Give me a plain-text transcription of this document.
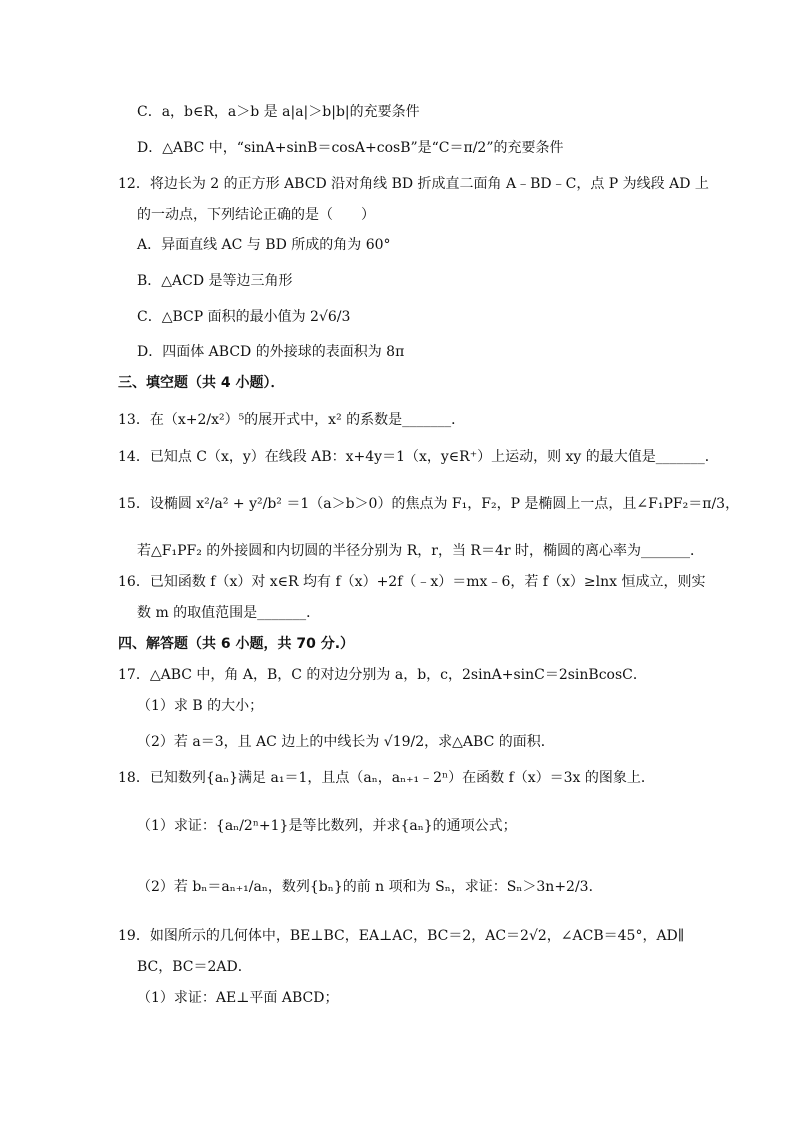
C．a，b∈R，a＞b 是 a|a|＞b|b|的充要条件
D．△ABC 中，“sinA+sinB＝cosA+cosB”是“C＝π/2”的充要条件
12．将边长为 2 的正方形 ABCD 沿对角线 BD 折成直二面角 A﹣BD﹣C，点 P 为线段 AD 上
的一动点，下列结论正确的是（　　）
A．异面直线 AC 与 BD 所成的角为 60°
B．△ACD 是等边三角形
C．△BCP 面积的最小值为 2√6/3
D．四面体 ABCD 的外接球的表面积为 8π
三、填空题（共 4 小题）．
13．在（x+2/x²）⁵的展开式中，x² 的系数是_______．
14．已知点 C（x，y）在线段 AB：x+4y＝1（x，y∈R⁺）上运动，则 xy 的最大值是_______．
15．设椭圆 x²/a² + y²/b² ＝1（a＞b＞0）的焦点为 F₁，F₂，P 是椭圆上一点，且∠F₁PF₂＝π/3，
若△F₁PF₂ 的外接圆和内切圆的半径分别为 R，r，当 R＝4r 时，椭圆的离心率为_______．
16．已知函数 f（x）对 x∈R 均有 f（x）+2f（﹣x）＝mx﹣6，若 f（x）≥lnx 恒成立，则实
数 m 的取值范围是_______．
四、解答题（共 6 小题，共 70 分.）
17．△ABC 中，角 A，B，C 的对边分别为 a，b，c，2sinA+sinC＝2sinBcosC．
（1）求 B 的大小；
（2）若 a＝3，且 AC 边上的中线长为 √19/2，求△ABC 的面积．
18．已知数列{aₙ}满足 a₁＝1，且点（aₙ，aₙ₊₁﹣2ⁿ）在函数 f（x）＝3x 的图象上．
（1）求证：{aₙ/2ⁿ+1}是等比数列，并求{aₙ}的通项公式；
（2）若 bₙ＝aₙ₊₁/aₙ，数列{bₙ}的前 n 项和为 Sₙ，求证：Sₙ＞3n+2/3．
19．如图所示的几何体中，BE⊥BC，EA⊥AC，BC＝2，AC＝2√2，∠ACB＝45°，AD∥
BC，BC＝2AD．
（1）求证：AE⊥平面 ABCD；
